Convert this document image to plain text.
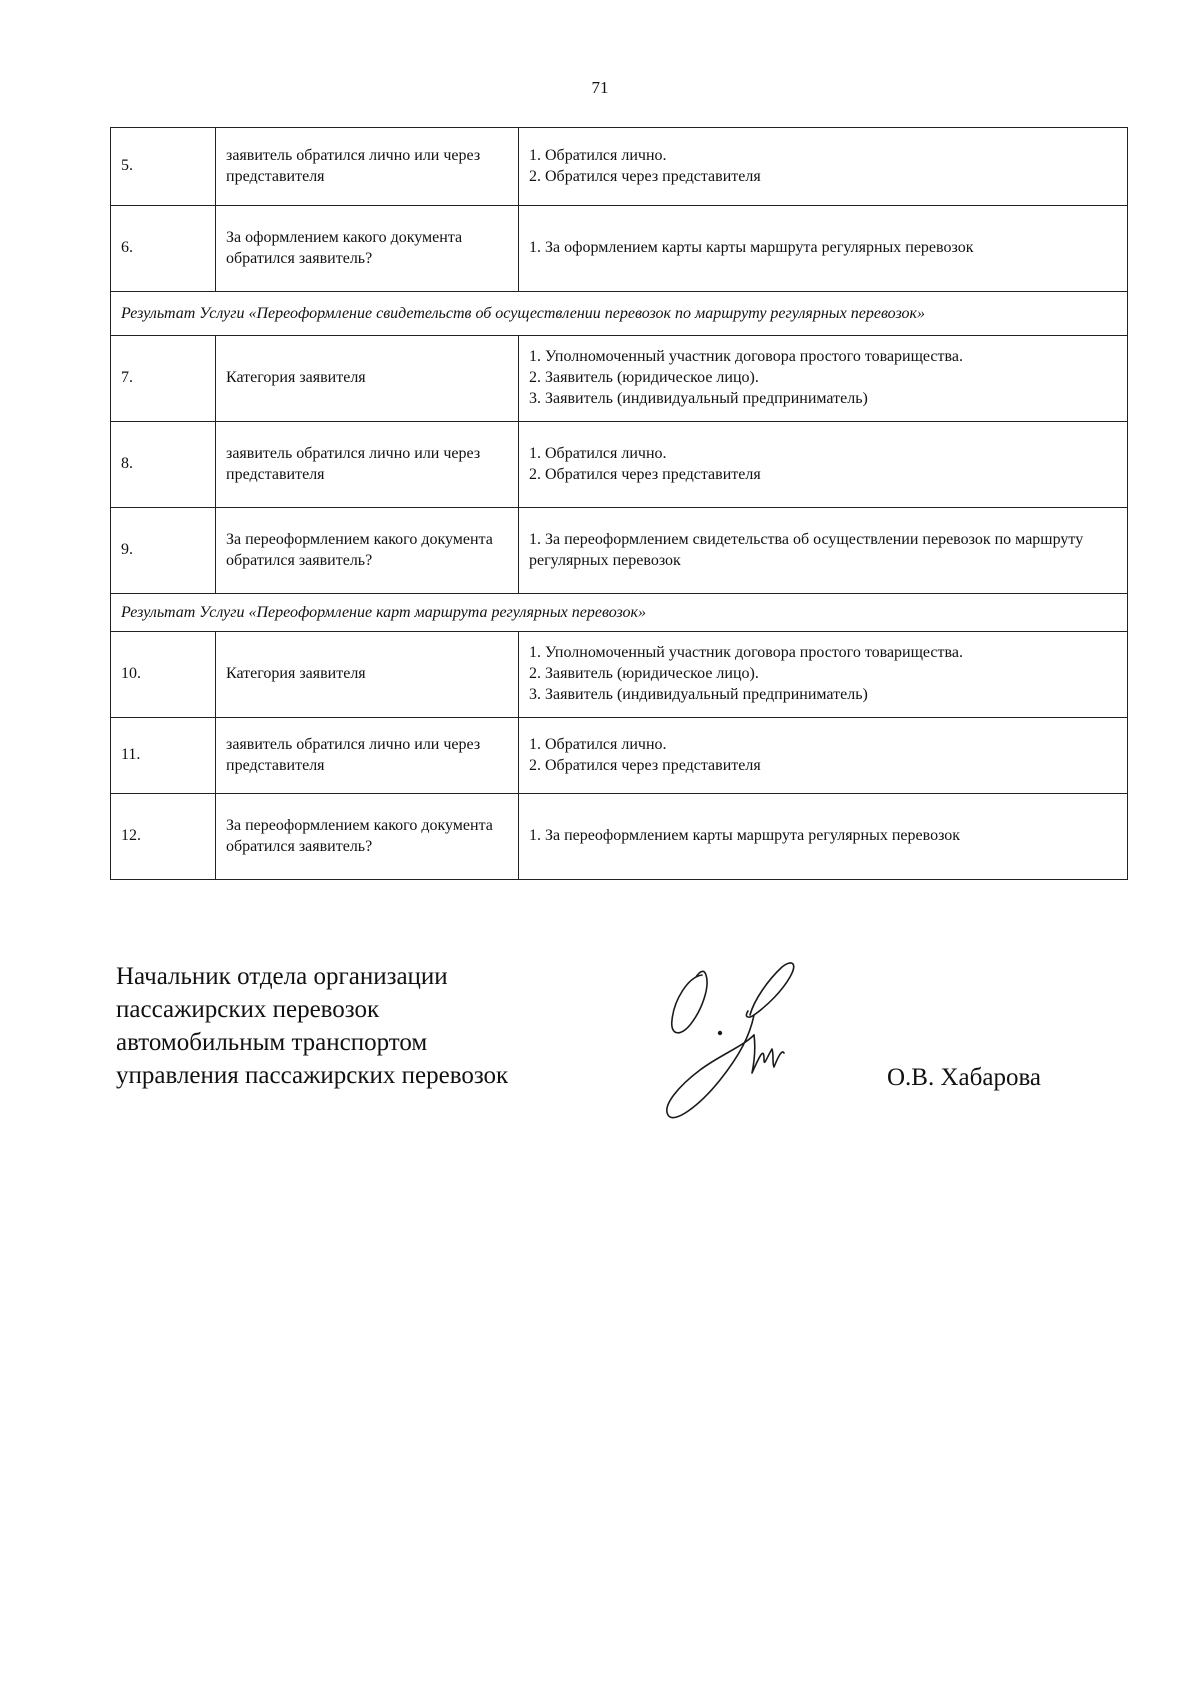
71
5.	заявитель обратился лично или через представителя	1. Обратился лично.
2. Обратился через представителя

6.	За оформлением какого документа обратился заявитель?	1. За оформлением карты карты маршрута регулярных перевозок

Результат Услуги «Переоформление свидетельств об осуществлении перевозок по маршруту регулярных перевозок»		
7.	Категория заявителя	1. Уполномоченный участник договора простого товарищества.
2. Заявитель (юридическое лицо).
3. Заявитель (индивидуальный предприниматель)

8.	заявитель обратился лично или через представителя	1. Обратился лично.
2. Обратился через представителя

9.	За переоформлением какого документа обратился заявитель?	1. За переоформлением свидетельства об осуществлении перевозок по маршруту регулярных перевозок

Результат Услуги «Переоформление карт маршрута регулярных перевозок»		
10.	Категория заявителя	1. Уполномоченный участник договора простого товарищества.
2. Заявитель (юридическое лицо).
3. Заявитель (индивидуальный предприниматель)

11.	заявитель обратился лично или через представителя	1. Обратился лично.
2. Обратился через представителя

12.	За переоформлением какого документа обратился заявитель?	1. За переоформлением карты маршрута регулярных перевозок
Начальник отдела организации
пассажирских перевозок
автомобильным транспортом
управления пассажирских перевозок	О.В. Хабарова
